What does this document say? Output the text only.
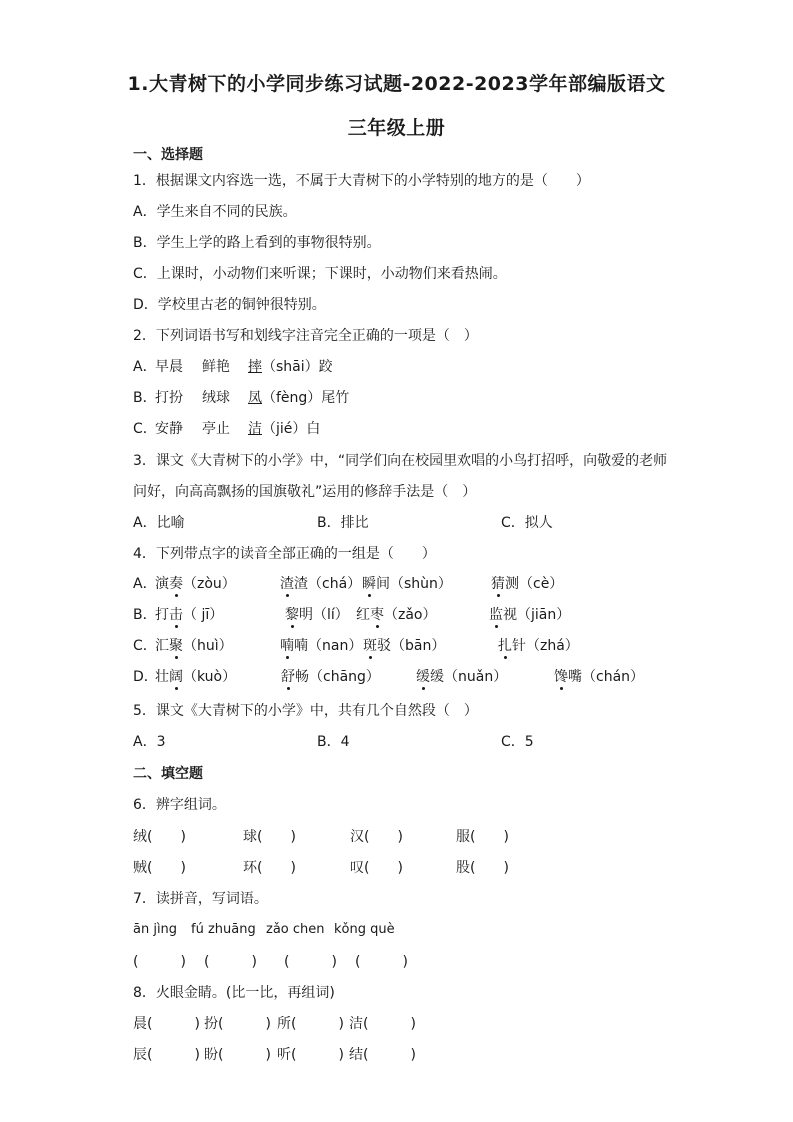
1.大青树下的小学同步练习试题-2022-2023学年部编版语文
三年级上册
一、选择题
1．根据课文内容选一选，不属于大青树下的小学特别的地方的是（　　）
A．学生来自不同的民族。
B．学生上学的路上看到的事物很特别。
C．上课时，小动物们来听课；下课时，小动物们来看热闹。
D．学校里古老的铜钟很特别。
2．下列词语书写和划线字注音完全正确的一项是（　）
A．
早晨 鲜艳 摔（shāi）跤
B．
打扮 绒球 凤（fèng）尾竹
C．
安静 亭止 洁（jié）白
3．课文《大青树下的小学》中，“同学们向在校园里欢唱的小鸟打招呼，向敬爱的老师
问好，向高高飘扬的国旗敬礼”运用的修辞手法是（　）
A．比喻	B．排比	C．拟人
4．下列带点字的读音全部正确的一组是（　　）
A．
演奏（zòu）	渣渣（chá） 瞬间（shùn）	猜测（cè）
B．
打击（ jī）	黎明（lí） 红枣（zǎo）	监视（jiān）
C．
汇聚（huì）	喃喃（nan） 斑驳（bān）	扎针（zhá）
D．
壮阔（kuò）	舒畅（chāng）	缓缓（nuǎn）	馋嘴（chán）
5．课文《大青树下的小学》中，共有几个自然段（　）
A．3	B．4	C．5
二、填空题
6．辨字组词。
绒(　　)	球(　　)	汉(　　)	服(　　)
贼(　　)	环(　　)	叹(　　)	股(　　)
7．读拼音，写词语。
ān jìng fú zhuāng zǎo chen kǒng què
(　　　) (　　　) (　　　) (　　　)
8．火眼金睛。(比一比，再组词)
晨(　　　) 扮(　　　) 所(　　　) 洁(　　　)
辰(　　　) 盼(　　　) 听(　　　) 结(　　　)
